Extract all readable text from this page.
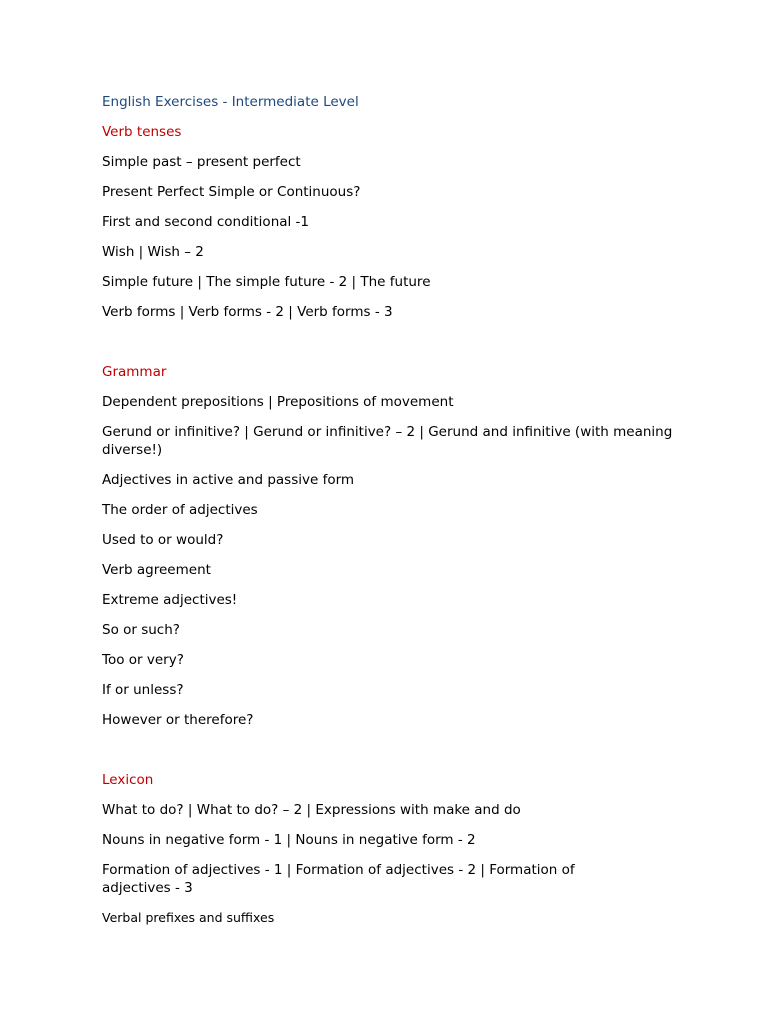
English Exercises - Intermediate Level
Verb tenses
Simple past – present perfect
Present Perfect Simple or Continuous?
First and second conditional -1
Wish | Wish – 2
Simple future | The simple future - 2 | The future
Verb forms | Verb forms - 2 | Verb forms - 3
Grammar
Dependent prepositions | Prepositions of movement
Gerund or infinitive? | Gerund or infinitive? – 2 | Gerund and infinitive (with meaning diverse!)
Adjectives in active and passive form
The order of adjectives
Used to or would?
Verb agreement
Extreme adjectives!
So or such?
Too or very?
If or unless?
However or therefore?
Lexicon
What to do? | What to do? – 2 | Expressions with make and do
Nouns in negative form - 1 | Nouns in negative form - 2
Formation of adjectives - 1 | Formation of adjectives - 2 | Formation of adjectives - 3
Verbal prefixes and suffixes
